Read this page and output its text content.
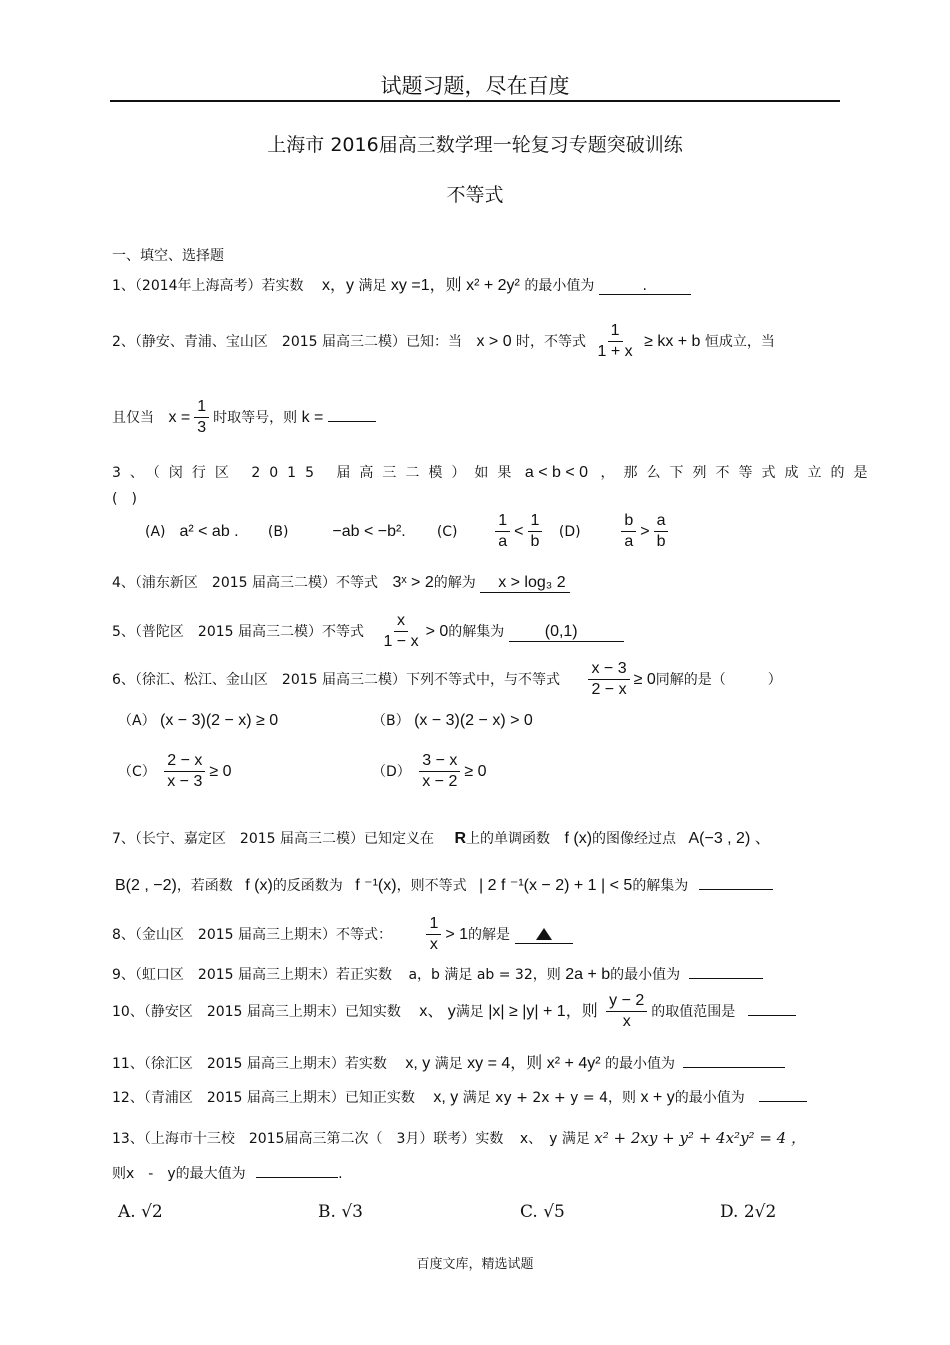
试题习题，尽在百度
上海市 2016届高三数学理一轮复习专题突破训练
不等式
一、填空、选择题
1、（2014年上海高考）若实数 x，y 满足 xy =1，则 x² + 2y² 的最小值为	.
2、（静安、青浦、宝山区　2015 届高三二模）已知：当 x > 0 时，不等式 $\frac{1}{1 + x}$ ≥ kx + b 恒成立，当
且仅当 $x = \frac{1}{3}$ 时取等号，则 k =
3、（闵行区 2015 届高三二模）如果 a < b < 0 ，那么下列不等式成立的是
(　)
(A) a² < ab . (B)	−ab < −b². $(C) \frac{1}{a} < \frac{1}{b} (D)$	$\frac{b}{a} > \frac{a}{b}$
4、（浦东新区　2015 届高三二模）不等式 3ˣ > 2的解为 x > log₃ 2
5、（普陀区　2015 届高三二模）不等式 $\frac{x}{1 - x} > 0$的解集为	(0,1)
6、（徐汇、松江、金山区　2015 届高三二模）下列不等式中，与不等式 $\frac{x - 3}{2 - x} \ge 0$同解的是（　　　）
（A） (x − 3)(2 − x) ≥ 0	（B） (x − 3)(2 − x) > 0
$(C) \frac{2 - x}{x - 3} \ge 0$	$(D) \frac{3 - x}{x - 2} \ge 0$
7、（长宁、嘉定区　2015 届高三二模）已知定义在 R上的单调函数 f (x)的图像经过点 A(−3 , 2) 、
B(2 , −2)，若函数 f (x)的反函数为 f ⁻¹(x)，则不等式 | 2 f ⁻¹(x − 2) + 1 | < 5的解集为
8、（金山区　2015 届高三上期末）不等式： $\frac{1}{x} > 1$的解是
9、（虹口区　2015 届高三上期末）若正实数 a，b 满足 ab = 32，则 2a + b的最小值为
10、（静安区　2015 届高三上期末）已知实数 x、 y满足 |x| ≥ |y| + 1，则 $\frac{y - 2}{x}$ 的取值范围是
11、（徐汇区　2015 届高三上期末）若实数 x, y 满足 xy = 4，则 x² + 4y² 的最小值为
12、（青浦区　2015 届高三上期末）已知正实数 x, y 满足 xy + 2x + y = 4，则 x + y的最小值为
13、（上海市十三校　2015届高三第二次（　3月）联考）实数 x、　y 满足 x² + 2xy + y² + 4x²y² = 4 ，
则x　-　y的最大值为	.
A. √2	B. √3	C. √5	D. 2√2
百度文库，精选试题
